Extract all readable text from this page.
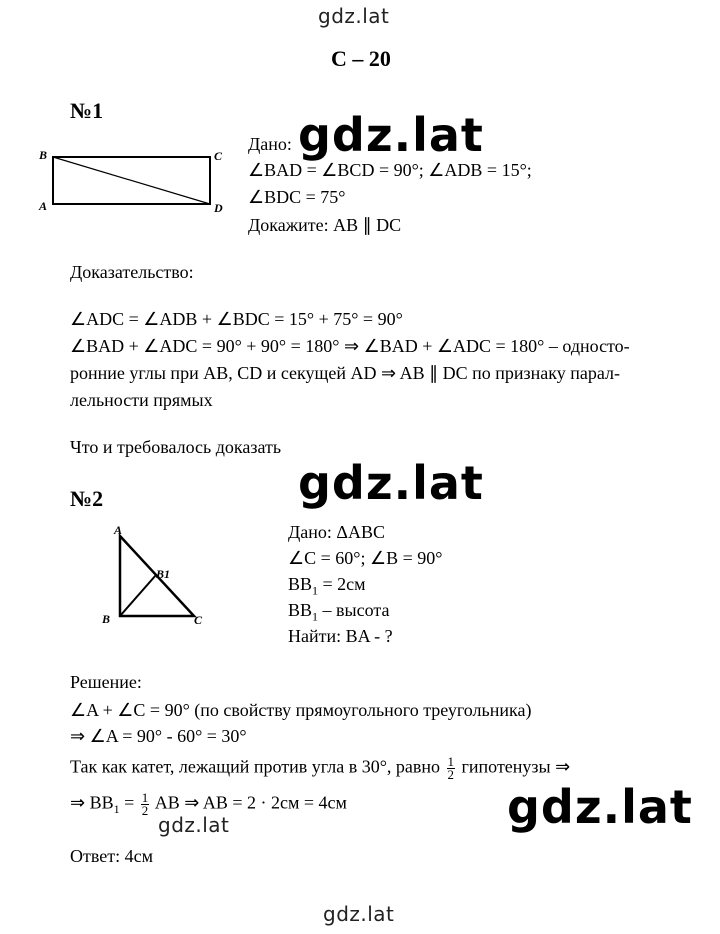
gdz.lat
gdz.lat
gdz.lat
gdz.lat
gdz.lat
gdz.lat
С – 20
№1
B
A
C
D
Дано:
∠BAD = ∠BCD = 90°; ∠ADB = 15°;
∠BDC = 75°
Докажите: AB ∥ DC
Доказательство:
∠ADC = ∠ADB + ∠BDC = 15° + 75° = 90°
∠BAD + ∠ADC = 90° + 90° = 180° ⇒ ∠BAD + ∠ADC = 180° – односто-
ронние углы при AB, CD и секущей AD ⇒ AB ∥ DC по признаку парал-
лельности прямых
Что и требовалось доказать
№2
A
B	C
B1
Дано: ΔABC
∠C = 60°; ∠B = 90°
$BB_1 = 2см$
$BB_1$ – высота
Найти: BA - ?
Решение:
∠A + ∠C = 90° (по свойству прямоугольного треугольника)
⇒ ∠A = 90° - 60° = 30°
Так как катет, лежащий против угла в 30°, равно $\frac{1}{2}$ гипотенузы ⇒
⇒ $BB_1 = \frac{1}{2}$ AB ⇒ AB = 2 · 2см = 4см
Ответ: 4см
